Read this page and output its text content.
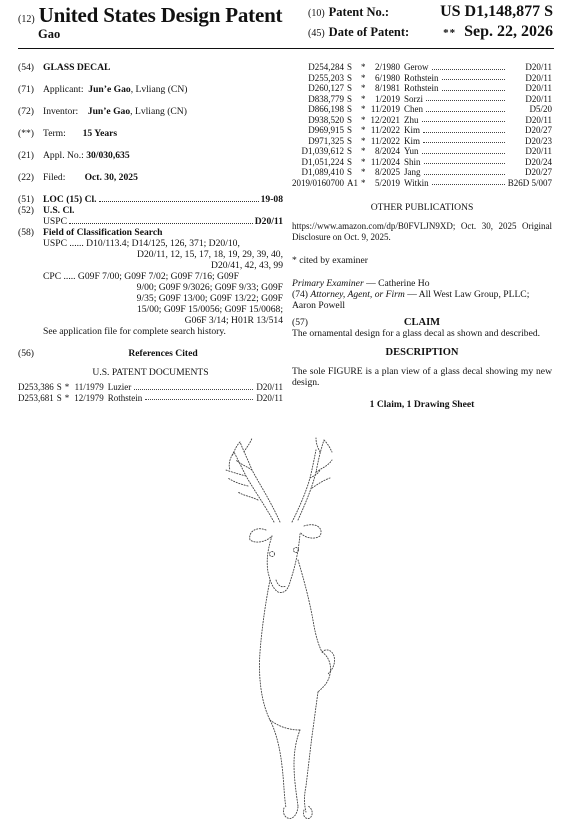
(12) United States Design Patent
Gao
(10) Patent No.:	US D1,148,877 S
(45) Date of Patent:	** Sep. 22, 2026
(54) GLASS DECAL
(71) Applicant: Jun’e Gao, Lvliang (CN)
(72) Inventor: Jun’e Gao, Lvliang (CN)
(**) Term: 15 Years
(21) Appl. No.: 30/030,635
(22) Filed: Oct. 30, 2025
(51) LOC (15) Cl.	19-08
(52) U.S. Cl.
USPC	D20/11
(58) Field of Classification Search
USPC ...... D10/113.4; D14/125, 126, 371; D20/10,
D20/11, 12, 15, 17, 18, 19, 29, 39, 40,
D20/41, 42, 43, 99
CPC ..... G09F 7/00; G09F 7/02; G09F 7/16; G09F
9/00; G09F 9/3026; G09F 9/33; G09F
9/35; G09F 13/00; G09F 13/22; G09F
15/00; G09F 15/0056; G09F 15/0068;
G06F 3/14; H01R 13/514
See application file for complete search history.
(56)	References Cited
U.S. PATENT DOCUMENTS
D253,386	S	*	11/1979	Luzier	D20/11
D253,681	S	*	12/1979	Rothstein	D20/11
D254,284	S	*	2/1980	Gerow	D20/11
D255,203	S	*	6/1980	Rothstein	D20/11
D260,127	S	*	8/1981	Rothstein	D20/11
D838,779	S	*	1/2019	Sorzi	D20/11
D866,198	S	*	11/2019	Chen	D5/20
D938,520	S	*	12/2021	Zhu	D20/11
D969,915	S	*	11/2022	Kim	D20/27
D971,325	S	*	11/2022	Kim	D20/23
D1,039,612	S	*	8/2024	Yun	D20/11
D1,051,224	S	*	11/2024	Shin	D20/24
D1,089,410	S	*	8/2025	Jang	D20/27
2019/0160700	A1	*	5/2019	Witkin	B26D 5/007
OTHER PUBLICATIONS
https://www.amazon.com/dp/B0FVLJN9XD; Oct. 30, 2025 Original Disclosure on Oct. 9, 2025.
* cited by examiner
Primary Examiner — Catherine Ho
(74) Attorney, Agent, or Firm — All West Law Group, PLLC; Aaron Powell
(57)	CLAIM
The ornamental design for a glass decal as shown and described.
DESCRIPTION
The sole FIGURE is a plan view of a glass decal showing my new design.
1 Claim, 1 Drawing Sheet
